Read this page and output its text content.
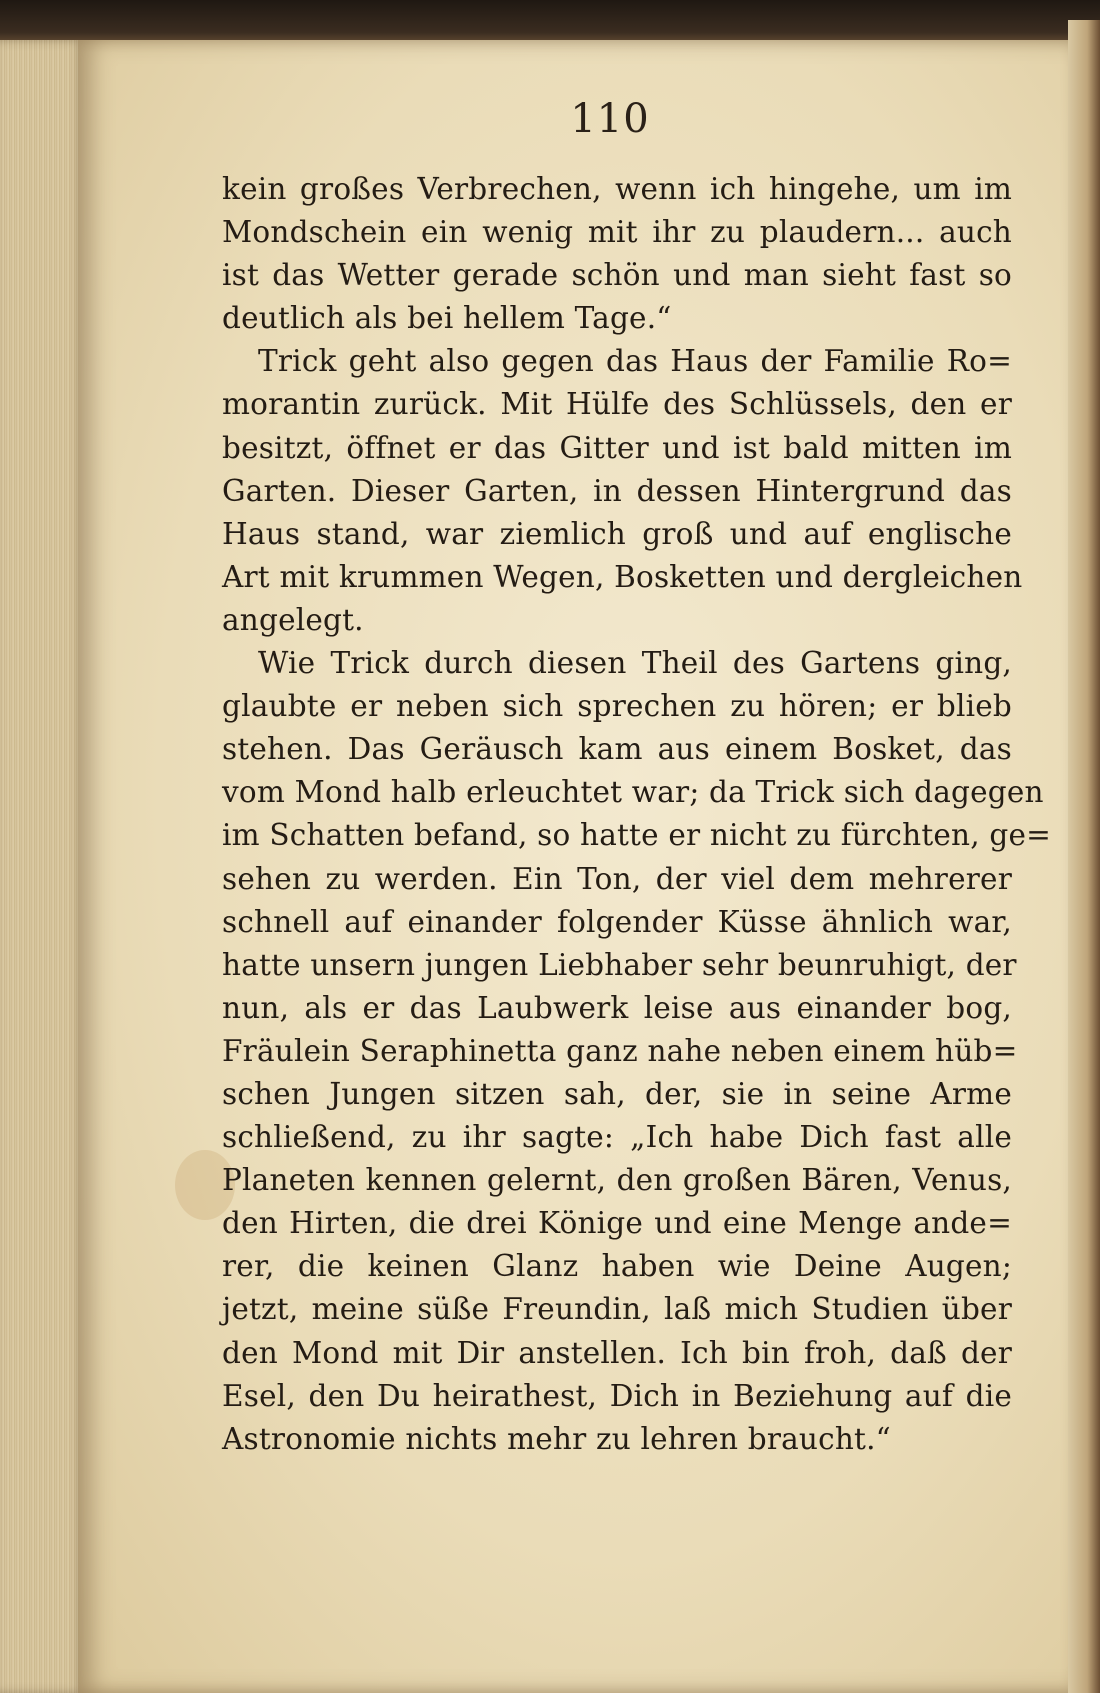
110
kein großes Verbrechen, wenn ich hingehe, um im
Mondschein ein wenig mit ihr zu plaudern... auch
ist das Wetter gerade schön und man sieht fast so
deutlich als bei hellem Tage.“
Trick geht also gegen das Haus der Familie Ro=
morantin zurück. Mit Hülfe des Schlüssels, den er
besitzt, öffnet er das Gitter und ist bald mitten im
Garten. Dieser Garten, in dessen Hintergrund das
Haus stand, war ziemlich groß und auf englische
Art mit krummen Wegen, Bosketten und dergleichen
angelegt.
Wie Trick durch diesen Theil des Gartens ging,
glaubte er neben sich sprechen zu hören; er blieb
stehen. Das Geräusch kam aus einem Bosket, das
vom Mond halb erleuchtet war; da Trick sich dagegen
im Schatten befand, so hatte er nicht zu fürchten, ge=
sehen zu werden. Ein Ton, der viel dem mehrerer
schnell auf einander folgender Küsse ähnlich war,
hatte unsern jungen Liebhaber sehr beunruhigt, der
nun, als er das Laubwerk leise aus einander bog,
Fräulein Seraphinetta ganz nahe neben einem hüb=
schen Jungen sitzen sah, der, sie in seine Arme
schließend, zu ihr sagte: „Ich habe Dich fast alle
Planeten kennen gelernt, den großen Bären, Venus,
den Hirten, die drei Könige und eine Menge ande=
rer, die keinen Glanz haben wie Deine Augen;
jetzt, meine süße Freundin, laß mich Studien über
den Mond mit Dir anstellen. Ich bin froh, daß der
Esel, den Du heirathest, Dich in Beziehung auf die
Astronomie nichts mehr zu lehren braucht.“
